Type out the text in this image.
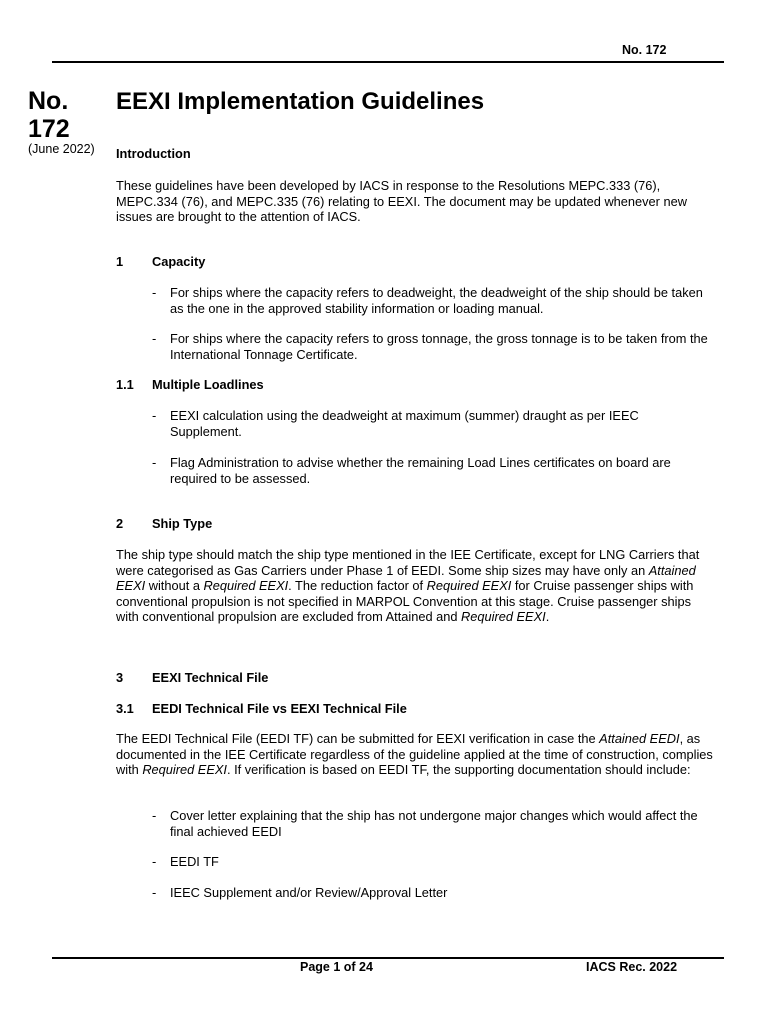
No. 172
No.
172
(June 2022)
EEXI Implementation Guidelines
Introduction
These guidelines have been developed by IACS in response to the Resolutions MEPC.333 (76), MEPC.334 (76), and MEPC.335 (76) relating to EEXI. The document may be updated whenever new issues are brought to the attention of IACS.
1 Capacity
- For ships where the capacity refers to deadweight, the deadweight of the ship should be taken as the one in the approved stability information or loading manual.
- For ships where the capacity refers to gross tonnage, the gross tonnage is to be taken from the International Tonnage Certificate.
1.1 Multiple Loadlines
- EEXI calculation using the deadweight at maximum (summer) draught as per IEEC Supplement.
- Flag Administration to advise whether the remaining Load Lines certificates on board are required to be assessed.
2 Ship Type
The ship type should match the ship type mentioned in the IEE Certificate, except for LNG Carriers that were categorised as Gas Carriers under Phase 1 of EEDI. Some ship sizes may have only an Attained EEXI without a Required EEXI. The reduction factor of Required EEXI for Cruise passenger ships with conventional propulsion is not specified in MARPOL Convention at this stage. Cruise passenger ships with conventional propulsion are excluded from Attained and Required EEXI.
3 EEXI Technical File
3.1 EEDI Technical File vs EEXI Technical File
The EEDI Technical File (EEDI TF) can be submitted for EEXI verification in case the Attained EEDI, as documented in the IEE Certificate regardless of the guideline applied at the time of construction, complies with Required EEXI. If verification is based on EEDI TF, the supporting documentation should include:
- Cover letter explaining that the ship has not undergone major changes which would affect the final achieved EEDI
- EEDI TF
- IEEC Supplement and/or Review/Approval Letter
Page 1 of 24	IACS Rec. 2022
